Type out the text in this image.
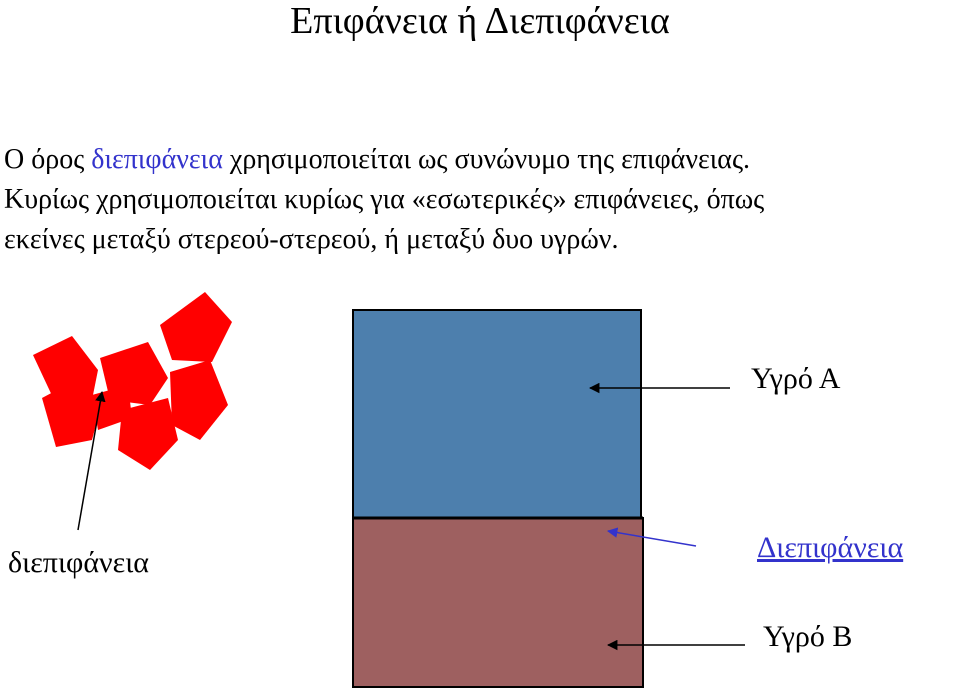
Επιφάνεια ή Διεπιφάνεια

Ο όρος διεπιφάνεια χρησιμοποιείται ως συνώνυμο της επιφάνειας.
Κυρίως χρησιμοποιείται κυρίως για «εσωτερικές» επιφάνειες, όπως
εκείνες μεταξύ στερεού-στερεού, ή μεταξύ δυο υγρών.

διεπιφάνεια
Υγρό Α
Διεπιφάνεια
Υγρό Β
